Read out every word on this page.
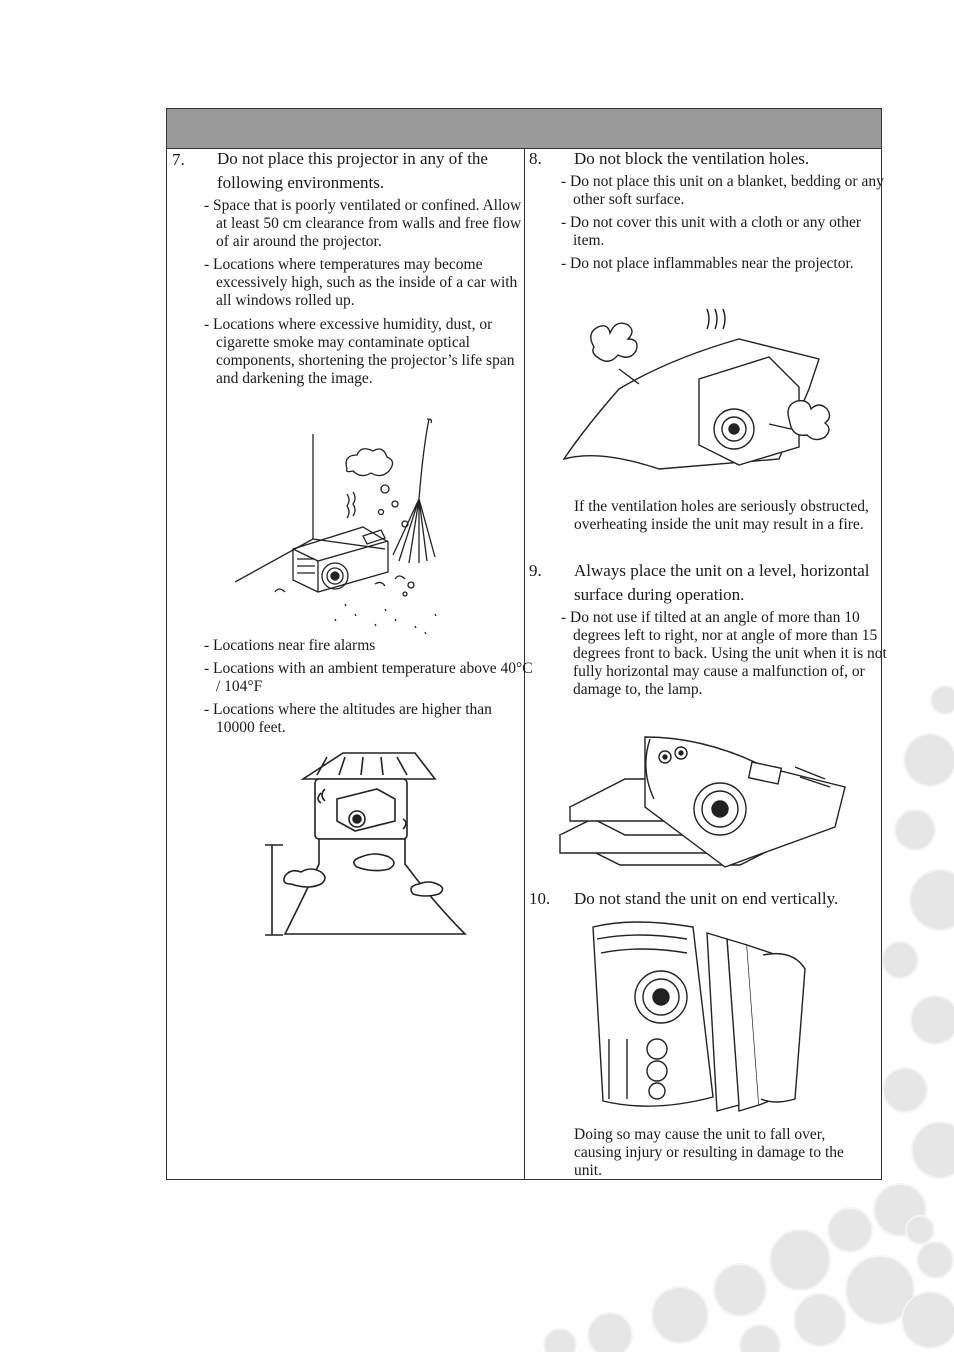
7. Do not place this projector in any of the following environments.
- Space that is poorly ventilated or confined. Allow at least 50 cm clearance from walls and free flow of air around the projector.
- Locations where temperatures may become excessively high, such as the inside of a car with all windows rolled up.
- Locations where excessive humidity, dust, or cigarette smoke may contaminate optical components, shortening the projector’s life span and darkening the image.
- Locations near fire alarms
- Locations with an ambient temperature above 40°C / 104°F
- Locations where the altitudes are higher than 10000 feet.
8. Do not block the ventilation holes.
- Do not place this unit on a blanket, bedding or any other soft surface.
- Do not cover this unit with a cloth or any other item.
- Do not place inflammables near the projector.
If the ventilation holes are seriously obstructed, overheating inside the unit may result in a fire.
9. Always place the unit on a level, horizontal surface during operation.
- Do not use if tilted at an angle of more than 10 degrees left to right, nor at angle of more than 15 degrees front to back. Using the unit when it is not fully horizontal may cause a malfunction of, or damage to, the lamp.
10. Do not stand the unit on end vertically.
Doing so may cause the unit to fall over, causing injury or resulting in damage to the unit.
